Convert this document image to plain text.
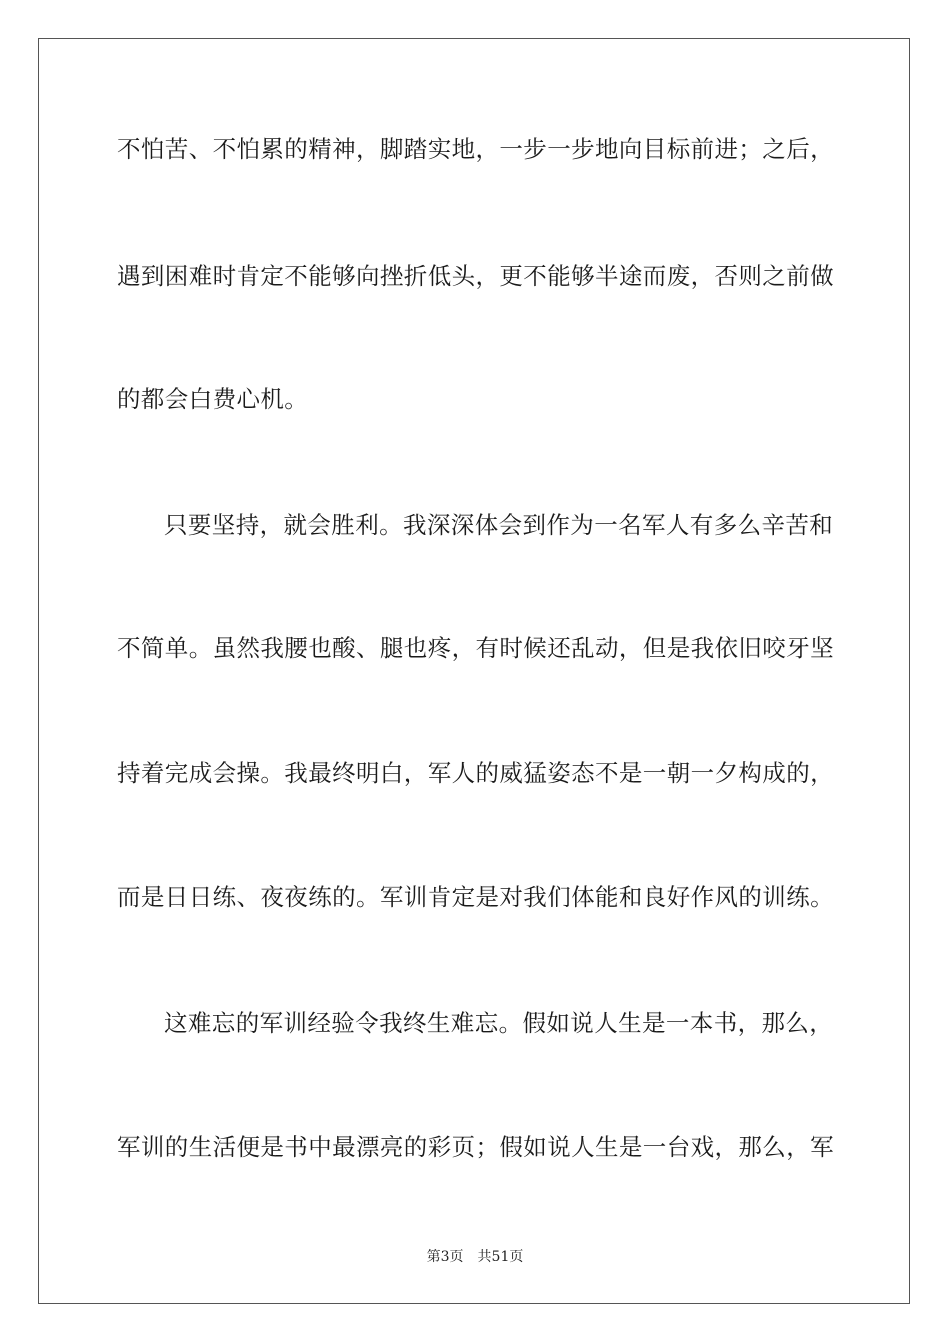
不怕苦、不怕累的精神，脚踏实地，一步一步地向目标前进；之后，
遇到困难时肯定不能够向挫折低头，更不能够半途而废，否则之前做
的都会白费心机。
只要坚持，就会胜利。我深深体会到作为一名军人有多么辛苦和
不简单。虽然我腰也酸、腿也疼，有时候还乱动，但是我依旧咬牙坚
持着完成会操。我最终明白，军人的威猛姿态不是一朝一夕构成的，
而是日日练、夜夜练的。军训肯定是对我们体能和良好作风的训练。
这难忘的军训经验令我终生难忘。假如说人生是一本书，那么，
军训的生活便是书中最漂亮的彩页；假如说人生是一台戏，那么，军
第3页 共51页
